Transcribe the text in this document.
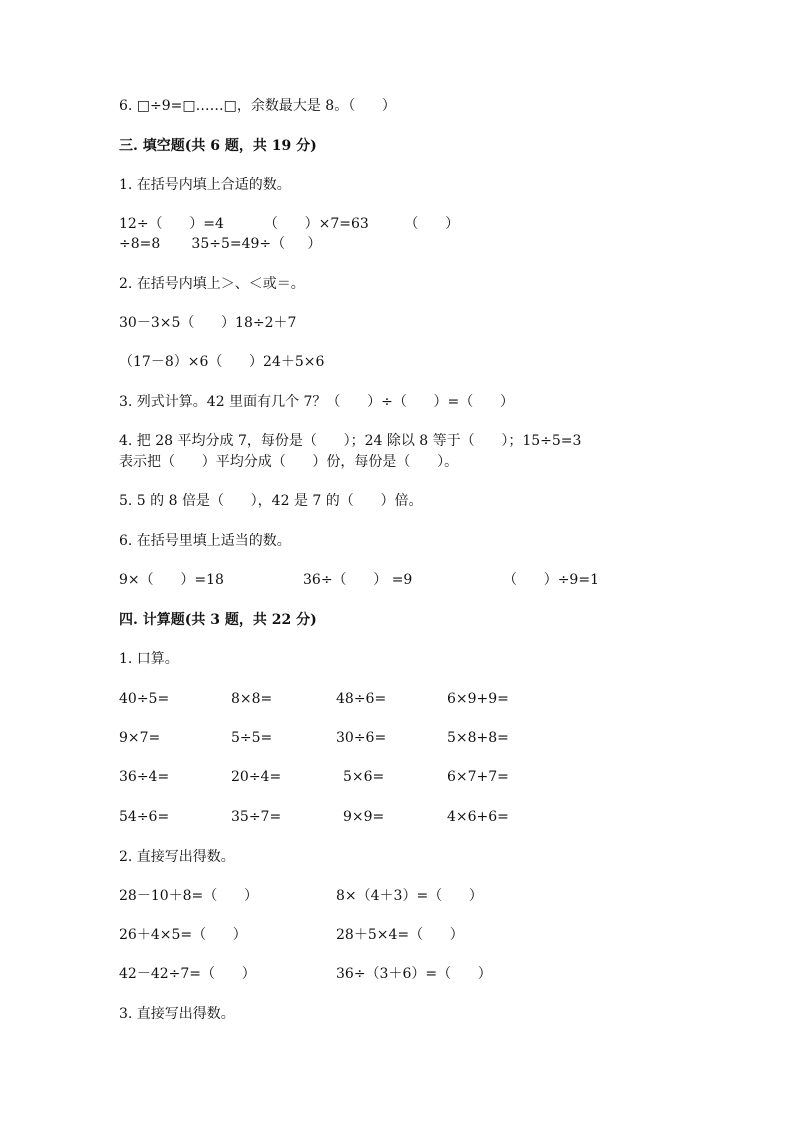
6. □÷9=□……□，余数最大是 8。（      ）
三. 填空题(共 6 题，共 19 分)
1. 在括号内填上合适的数。
12÷（      ）=4         （      ）×7=63        （      ）
÷8=8       35÷5=49÷（     ）
2. 在括号内填上＞、＜或＝。
30－3×5（      ）18÷2＋7
（17－8）×6（      ）24＋5×6
3. 列式计算。42 里面有几个 7？（      ）÷（      ）=（      ）
4. 把 28 平均分成 7，每份是（      ）；24 除以 8 等于（      ）；15÷5=3
表示把（      ）平均分成（      ）份，每份是（      ）。
5. 5 的 8 倍是（      ），42 是 7 的（      ）倍。
6. 在括号里填上适当的数。
9×（      ）=18	36÷（      ） =9	（      ）÷9=1
四. 计算题(共 3 题，共 22 分)
1. 口算。
40÷5=	8×8=	48÷6=	6×9+9=
9×7=	5÷5=	30÷6=	5×8+8=
36÷4=	20÷4=	5×6=	6×7+7=
54÷6=	35÷7=	9×9=	4×6+6=
2. 直接写出得数。
28－10＋8=（      ）	8×（4＋3）=（      ）
26＋4×5=（      ）	28＋5×4=（      ）
42－42÷7=（      ）	36÷（3＋6）=（      ）
3. 直接写出得数。
